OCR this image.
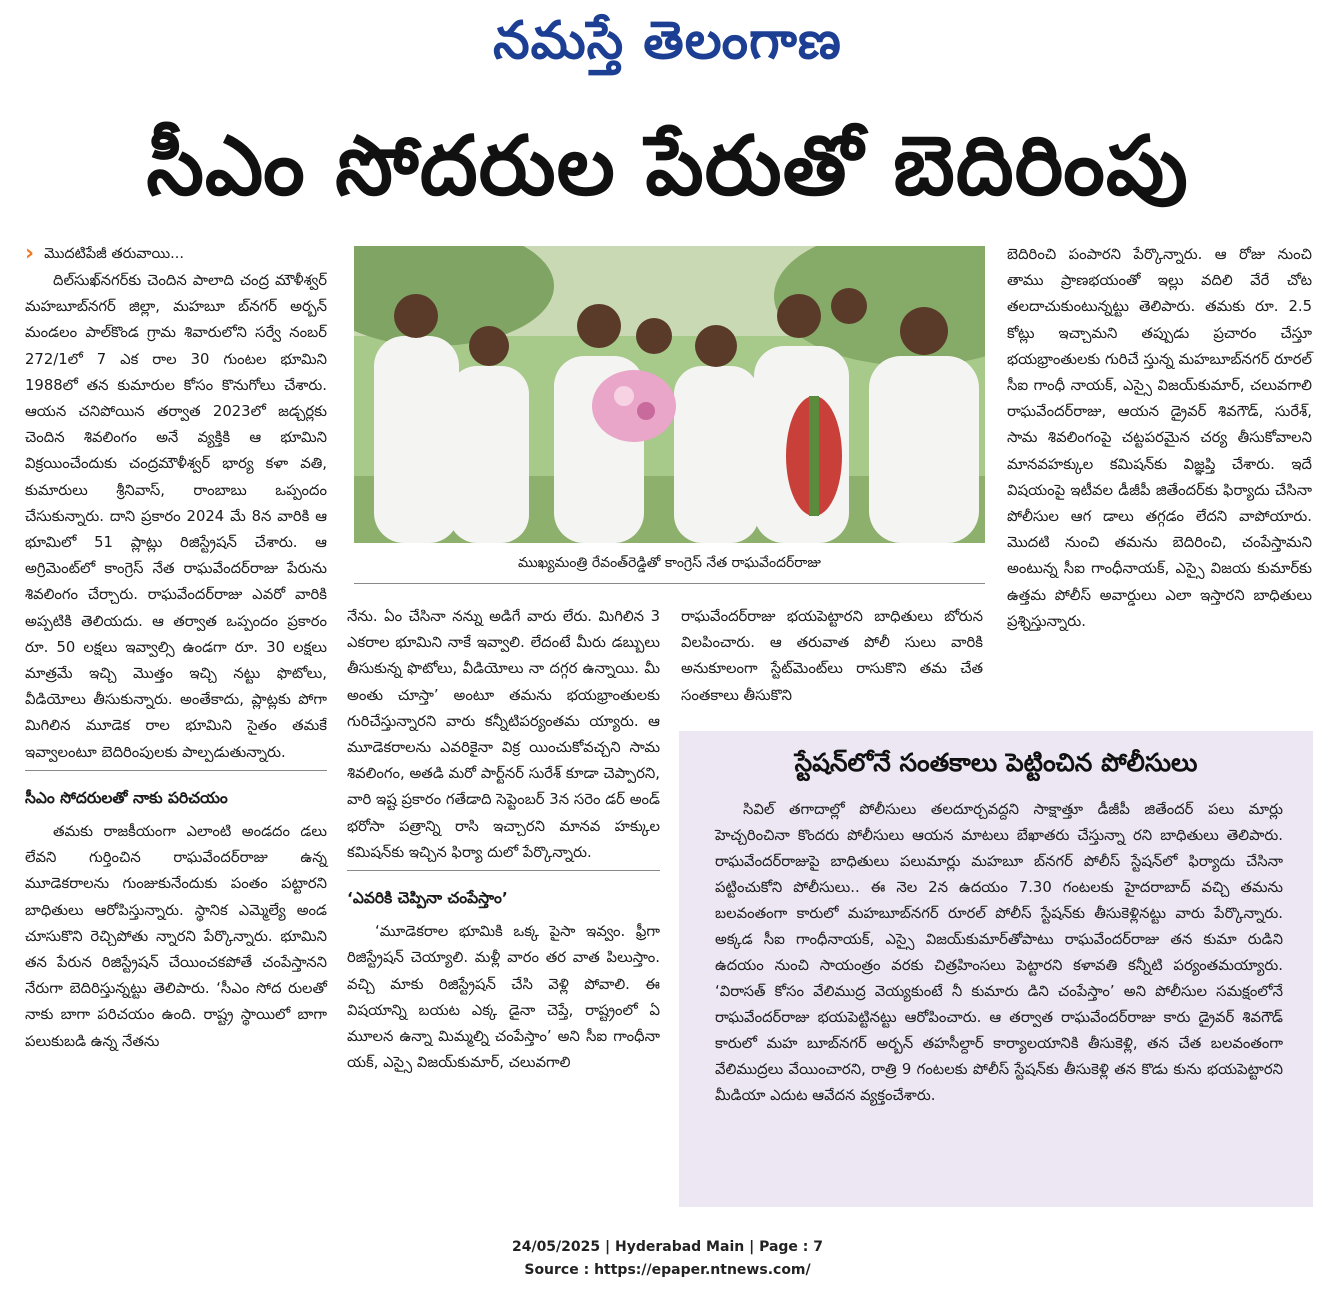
నమస్తే తెలంగాణ
సీఎం సోదరుల పేరుతో బెదిరింపు
› మొదటిపేజీ తరువాయి...

దిల్‌సుఖ్‌నగర్‌కు చెందిన పాలాది చంద్ర మౌళీశ్వర్ మహబూబ్‌నగర్ జిల్లా, మహబూ బ్‌నగర్ అర్బన్ మండలం పాల్‌కొండ గ్రామ శివారులోని సర్వే నంబర్ 272/1లో 7 ఎక రాల 30 గుంటల భూమిని 1988లో తన కుమారుల కోసం కొనుగోలు చేశారు. ఆయన చనిపోయిన తర్వాత 2023లో జడ్చర్లకు చెందిన శివలింగం అనే వ్యక్తికి ఆ భూమిని విక్రయించేందుకు చంద్రమౌళీశ్వర్ భార్య కళా వతి, కుమారులు శ్రీనివాస్, రాంబాబు ఒప్పందం చేసుకున్నారు. దాని ప్రకారం 2024 మే 8న వారికి ఆ భూమిలో 51 ప్లాట్లు రిజిస్ట్రేషన్ చేశారు. ఆ అగ్రిమెంట్‌లో కాంగ్రెస్ నేత రాఘవేందర్‌రాజు పేరును శివలింగం చేర్చారు. రాఘవేందర్‌రాజు ఎవరో వారికి అప్పటికి తెలియదు. ఆ తర్వాత ఒప్పందం ప్రకారం రూ. 50 లక్షలు ఇవ్వాల్సి ఉండగా రూ. 30 లక్షలు మాత్రమే ఇచ్చి మొత్తం ఇచ్చి నట్టు ఫొటోలు, వీడియోలు తీసుకున్నారు. అంతేకాదు, ప్లాట్లకు పోగా మిగిలిన మూడెక రాల భూమిని సైతం తమకే ఇవ్వాలంటూ బెదిరింపులకు పాల్పడుతున్నారు.

సీఎం సోదరులతో నాకు పరిచయం

తమకు రాజకీయంగా ఎలాంటి అండదం డలు లేవని గుర్తించిన రాఘవేందర్‌రాజు ఉన్న మూడెకరాలను గుంజుకునేందుకు పంతం పట్టారని బాధితులు ఆరోపిస్తున్నారు. స్థానిక ఎమ్మెల్యే అండ చూసుకొని రెచ్చిపోతు న్నారని పేర్కొన్నారు. భూమిని తన పేరున రిజిస్ట్రేషన్ చేయించకపోతే చంపేస్తానని నేరుగా బెదిరిస్తున్నట్టు తెలిపారు. ‘సీఎం సోద రులతో నాకు బాగా పరిచయం ఉంది. రాష్ట్ర స్థాయిలో బాగా పలుకుబడి ఉన్న నేతను

ముఖ్యమంత్రి రేవంత్‌రెడ్డితో కాంగ్రెస్ నేత రాఘవేందర్‌రాజు

నేను. ఏం చేసినా నన్ను అడిగే వారు లేరు. మిగిలిన 3 ఎకరాల భూమిని నాకే ఇవ్వాలి. లేదంటే మీరు డబ్బులు తీసుకున్న ఫొటోలు, వీడియోలు నా దగ్గర ఉన్నాయి. మీ అంతు చూస్తా’ అంటూ తమను భయభ్రాంతులకు గురిచేస్తున్నారని వారు కన్నీటిపర్యంతమ య్యారు. ఆ మూడెకరాలను ఎవరికైనా విక్ర యించుకోవచ్చని సామ శివలింగం, అతడి మరో పార్ట్‌నర్ సురేశ్ కూడా చెప్పారని, వారి ఇష్ట ప్రకారం గతేడాది సెప్టెంబర్ 3న సరెం డర్ అండ్ భరోసా పత్రాన్ని రాసి ఇచ్చారని మానవ హక్కుల కమిషన్‌కు ఇచ్చిన ఫిర్యా దులో పేర్కొన్నారు.

‘ఎవరికి చెప్పినా చంపేస్తాం’

‘మూడెకరాల భూమికి ఒక్క పైసా ఇవ్వం. ఫ్రీగా రిజిస్ట్రేషన్ చెయ్యాలి. మళ్లీ వారం తర వాత పిలుస్తాం. వచ్చి మాకు రిజిస్ట్రేషన్ చేసి వెళ్లి పోవాలి. ఈ విషయాన్ని బయట ఎక్క డైనా చెప్తే, రాష్ట్రంలో ఏ మూలన ఉన్నా మిమ్మల్ని చంపేస్తాం’ అని సీఐ గాంధీనా యక్, ఎస్సై విజయ్‌కుమార్, చలువగాలి

రాఘవేందర్‌రాజు భయపెట్టారని బాధితులు బోరున విలపించారు. ఆ తరువాత పోలీ సులు వారికి అనుకూలంగా స్టేట్‌మెంట్‌లు రాసుకొని తమ చేత సంతకాలు తీసుకొని

బెదిరించి పంపారని పేర్కొన్నారు. ఆ రోజు నుంచి తాము ప్రాణభయంతో ఇల్లు వదిలి వేరే చోట తలదాచుకుంటున్నట్టు తెలిపారు. తమకు రూ. 2.5 కోట్లు ఇచ్చామని తప్పుడు ప్రచారం చేస్తూ భయభ్రాంతులకు గురిచే స్తున్న మహబూబ్‌నగర్ రూరల్ సీఐ గాంధీ నాయక్, ఎస్సై విజయ్‌కుమార్, చలువగాలి రాఘవేందర్‌రాజు, ఆయన డ్రైవర్ శివగౌడ్, సురేశ్, సామ శివలింగంపై చట్టపరమైన చర్య తీసుకోవాలని మానవహక్కుల కమిషన్‌కు విజ్ఞప్తి చేశారు. ఇదే విషయంపై ఇటీవల డీజీపీ జితేందర్‌కు ఫిర్యాదు చేసినా పోలీసుల ఆగ డాలు తగ్గడం లేదని వాపోయారు. మొదటి నుంచి తమను బెదిరించి, చంపేస్తామని అంటున్న సీఐ గాంధీనాయక్, ఎస్సై విజయ కుమార్‌కు ఉత్తమ పోలీస్ అవార్డులు ఎలా ఇస్తారని బాధితులు ప్రశ్నిస్తున్నారు.

స్టేషన్‌లోనే సంతకాలు పెట్టించిన పోలీసులు

సివిల్ తగాదాల్లో పోలీసులు తలదూర్చవద్దని సాక్షాత్తూ డీజీపీ జితేందర్ పలు మార్లు హెచ్చరించినా కొందరు పోలీసులు ఆయన మాటలు బేఖాతరు చేస్తున్నా రని బాధితులు తెలిపారు. రాఘవేందర్‌రాజుపై బాధితులు పలుమార్లు మహబూ బ్‌నగర్ పోలీస్ స్టేషన్‌లో ఫిర్యాదు చేసినా పట్టించుకోని పోలీసులు.. ఈ నెల 2న ఉదయం 7.30 గంటలకు హైదరాబాద్ వచ్చి తమను బలవంతంగా కారులో మహబూబ్‌నగర్ రూరల్ పోలీస్ స్టేషన్‌కు తీసుకెళ్లినట్టు వారు పేర్కొన్నారు. అక్కడ సీఐ గాంధీనాయక్, ఎస్సై విజయ్‌కుమార్‌తోపాటు రాఘవేందర్‌రాజు తన కుమా రుడిని ఉదయం నుంచి సాయంత్రం వరకు చిత్రహింసలు పెట్టారని కళావతి కన్నీటి పర్యంతమయ్యారు. ‘విరాసత్ కోసం వేలిముద్ర వెయ్యకుంటే నీ కుమారు డిని చంపేస్తాం’ అని పోలీసుల సమక్షంలోనే రాఘవేందర్‌రాజు భయపెట్టినట్టు ఆరోపించారు. ఆ తర్వాత రాఘవేందర్‌రాజు కారు డ్రైవర్ శివగౌడ్ కారులో మహ బూబ్‌నగర్ అర్బన్ తహసీల్దార్ కార్యాలయానికి తీసుకెళ్లి, తన చేత బలవంతంగా వేలిముద్రలు వేయించారని, రాత్రి 9 గంటలకు పోలీస్ స్టేషన్‌కు తీసుకెళ్లి తన కొడు కును భయపెట్టారని మీడియా ఎదుట ఆవేదన వ్యక్తంచేశారు.

24/05/2025 | Hyderabad Main | Page : 7
Source : https://epaper.ntnews.com/
